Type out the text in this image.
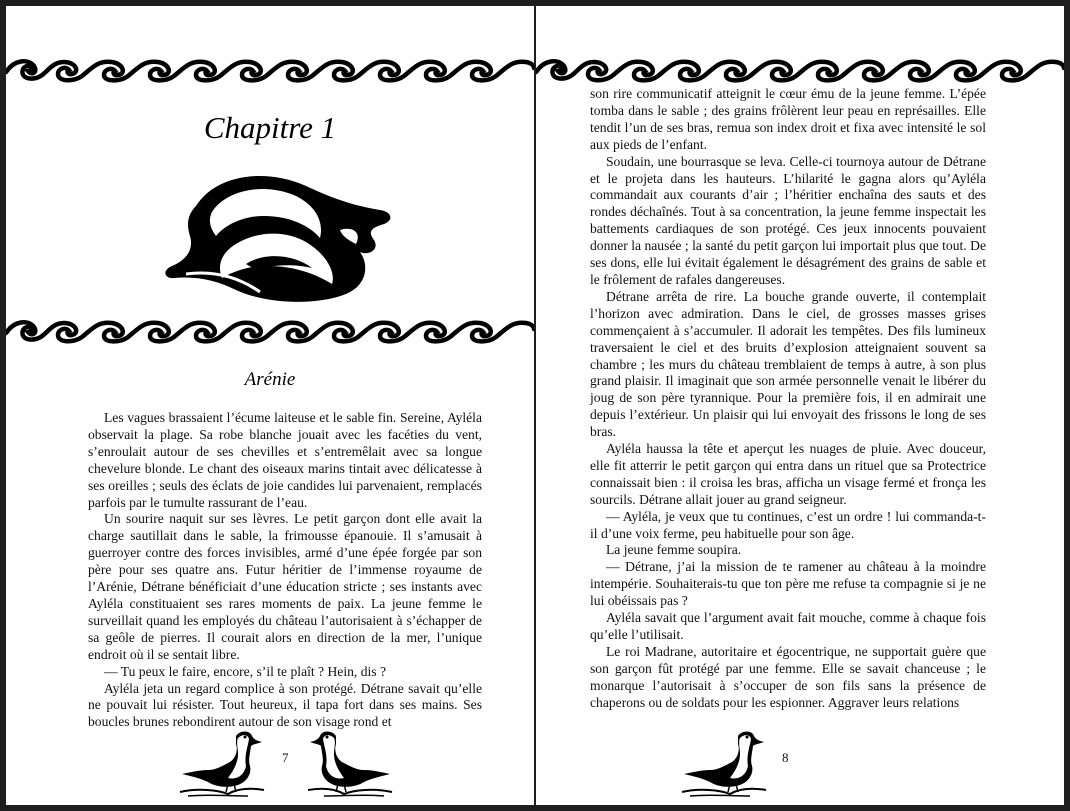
Chapitre 1
Arénie

Les vagues brassaient l’écume laiteuse et le sable fin. Sereine, Ayléla observait la plage. Sa robe blanche jouait avec les facéties du vent, s’enroulait autour de ses chevilles et s’entremêlait avec sa longue chevelure blonde. Le chant des oiseaux marins tintait avec délicatesse à ses oreilles ; seuls des éclats de joie candides lui parvenaient, remplacés parfois par le tumulte rassurant de l’eau.

Un sourire naquit sur ses lèvres. Le petit garçon dont elle avait la charge sautillait dans le sable, la frimousse épanouie. Il s’amusait à guerroyer contre des forces invisibles, armé d’une épée forgée par son père pour ses quatre ans. Futur héritier de l’immense royaume de l’Arénie, Détrane bénéficiait d’une éducation stricte ; ses instants avec Ayléla constituaient ses rares moments de paix. La jeune femme le surveillait quand les employés du château l’autorisaient à s’échapper de sa geôle de pierres. Il courait alors en direction de la mer, l’unique endroit où il se sentait libre.

— Tu peux le faire, encore, s’il te plaît ? Hein, dis ?

Ayléla jeta un regard complice à son protégé. Détrane savait qu’elle ne pouvait lui résister. Tout heureux, il tapa fort dans ses mains. Ses boucles brunes rebondirent autour de son visage rond et

7

son rire communicatif atteignit le cœur ému de la jeune femme. L’épée tomba dans le sable ; des grains frôlèrent leur peau en représailles. Elle tendit l’un de ses bras, remua son index droit et fixa avec intensité le sol aux pieds de l’enfant.

Soudain, une bourrasque se leva. Celle-ci tournoya autour de Détrane et le projeta dans les hauteurs. L’hilarité le gagna alors qu’Ayléla commandait aux courants d’air ; l’héritier enchaîna des sauts et des rondes déchaînés. Tout à sa concentration, la jeune femme inspectait les battements cardiaques de son protégé. Ces jeux innocents pouvaient donner la nausée ; la santé du petit garçon lui importait plus que tout. De ses dons, elle lui évitait également le désagrément des grains de sable et le frôlement de rafales dangereuses.

Détrane arrêta de rire. La bouche grande ouverte, il contemplait l’horizon avec admiration. Dans le ciel, de grosses masses grises commençaient à s’accumuler. Il adorait les tempêtes. Des fils lumineux traversaient le ciel et des bruits d’explosion atteignaient souvent sa chambre ; les murs du château tremblaient de temps à autre, à son plus grand plaisir. Il imaginait que son armée personnelle venait le libérer du joug de son père tyrannique. Pour la première fois, il en admirait une depuis l’extérieur. Un plaisir qui lui envoyait des frissons le long de ses bras.

Ayléla haussa la tête et aperçut les nuages de pluie. Avec douceur, elle fit atterrir le petit garçon qui entra dans un rituel que sa Protectrice connaissait bien : il croisa les bras, afficha un visage fermé et fronça les sourcils. Détrane allait jouer au grand seigneur.

— Ayléla, je veux que tu continues, c’est un ordre ! lui commanda-t-il d’une voix ferme, peu habituelle pour son âge.

La jeune femme soupira.

— Détrane, j’ai la mission de te ramener au château à la moindre intempérie. Souhaiterais-tu que ton père me refuse ta compagnie si je ne lui obéissais pas ?

Ayléla savait que l’argument avait fait mouche, comme à chaque fois qu’elle l’utilisait.

Le roi Madrane, autoritaire et égocentrique, ne supportait guère que son garçon fût protégé par une femme. Elle se savait chanceuse ; le monarque l’autorisait à s’occuper de son fils sans la présence de chaperons ou de soldats pour les espionner. Aggraver leurs relations

8
